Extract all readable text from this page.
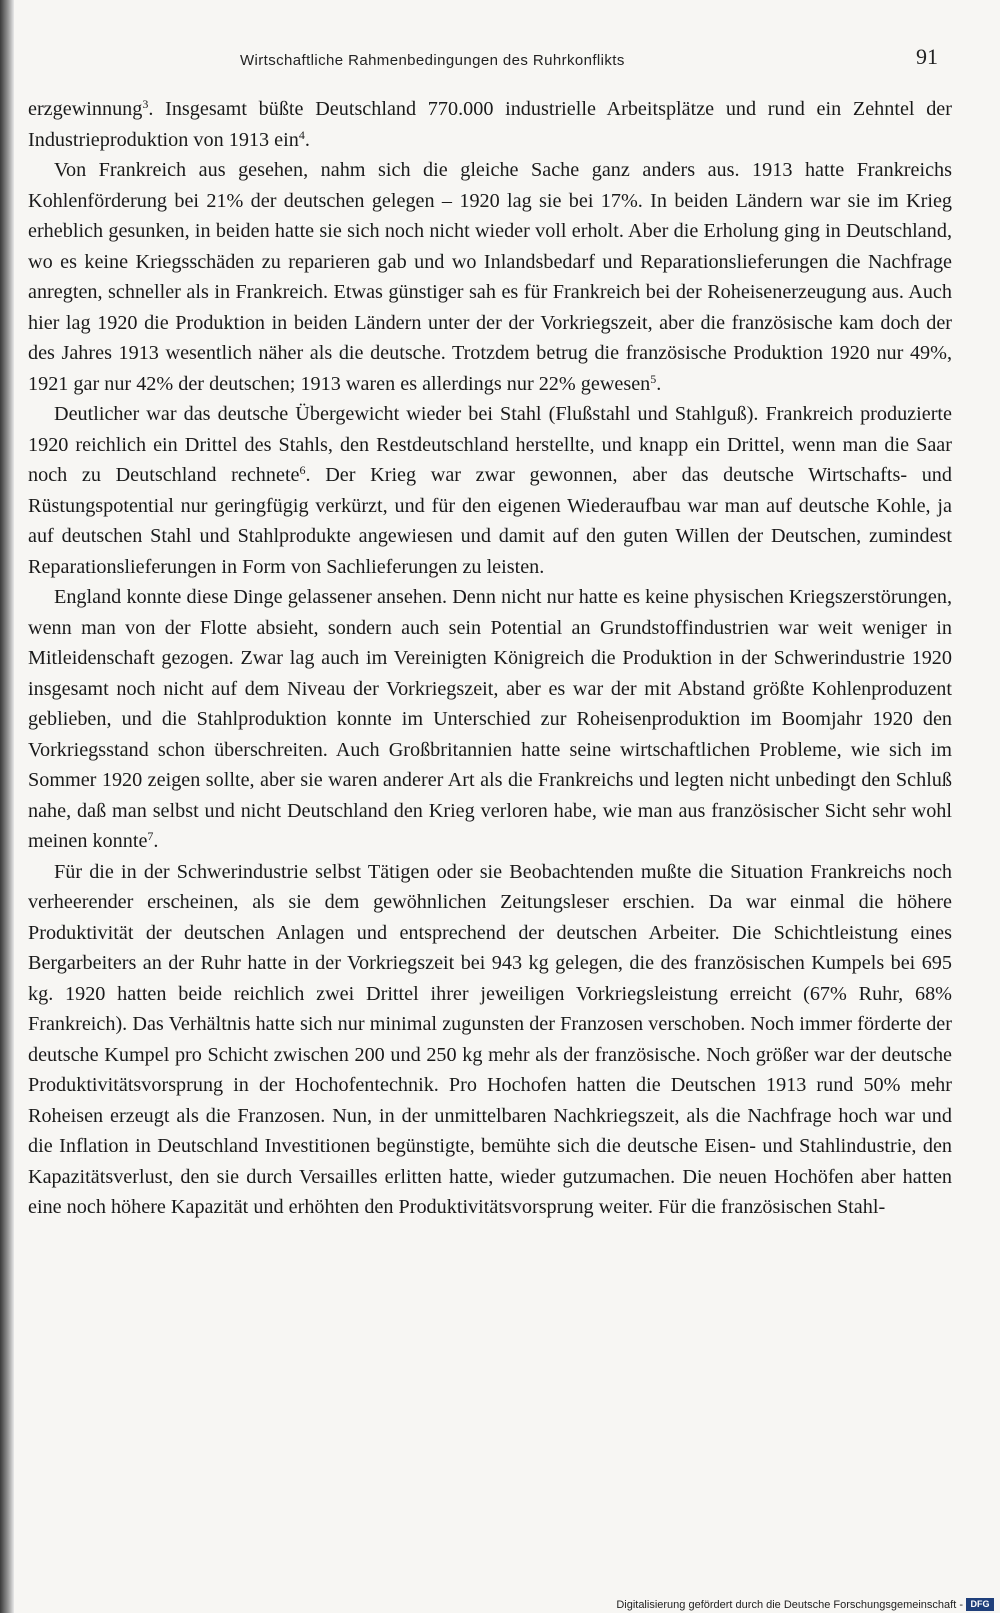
Wirtschaftliche Rahmenbedingungen des Ruhrkonflikts	91

erzgewinnung$^3$. Insgesamt büßte Deutschland 770.000 industrielle Arbeitsplätze und rund ein Zehntel der Industrieproduktion von 1913 ein$^4$.

Von Frankreich aus gesehen, nahm sich die gleiche Sache ganz anders aus. 1913 hatte Frankreichs Kohlenförderung bei 21% der deutschen gelegen – 1920 lag sie bei 17%. In beiden Ländern war sie im Krieg erheblich gesunken, in beiden hatte sie sich noch nicht wieder voll erholt. Aber die Erholung ging in Deutschland, wo es keine Kriegsschäden zu reparieren gab und wo Inlandsbedarf und Reparationslieferungen die Nachfrage anregten, schneller als in Frankreich. Etwas günstiger sah es für Frankreich bei der Roheisenerzeugung aus. Auch hier lag 1920 die Produktion in beiden Ländern unter der der Vorkriegszeit, aber die französische kam doch der des Jahres 1913 wesentlich näher als die deutsche. Trotzdem betrug die französische Produktion 1920 nur 49%, 1921 gar nur 42% der deutschen; 1913 waren es allerdings nur 22% gewesen$^5$.

Deutlicher war das deutsche Übergewicht wieder bei Stahl (Flußstahl und Stahlguß). Frankreich produzierte 1920 reichlich ein Drittel des Stahls, den Restdeutschland herstellte, und knapp ein Drittel, wenn man die Saar noch zu Deutschland rechnete$^6$. Der Krieg war zwar gewonnen, aber das deutsche Wirtschafts- und Rüstungspotential nur geringfügig verkürzt, und für den eigenen Wiederaufbau war man auf deutsche Kohle, ja auf deutschen Stahl und Stahlprodukte angewiesen und damit auf den guten Willen der Deutschen, zumindest Reparationslieferungen in Form von Sachlieferungen zu leisten.

England konnte diese Dinge gelassener ansehen. Denn nicht nur hatte es keine physischen Kriegszerstörungen, wenn man von der Flotte absieht, sondern auch sein Potential an Grundstoffindustrien war weit weniger in Mitleidenschaft gezogen. Zwar lag auch im Vereinigten Königreich die Produktion in der Schwerindustrie 1920 insgesamt noch nicht auf dem Niveau der Vorkriegszeit, aber es war der mit Abstand größte Kohlenproduzent geblieben, und die Stahlproduktion konnte im Unterschied zur Roheisenproduktion im Boomjahr 1920 den Vorkriegsstand schon überschreiten. Auch Großbritannien hatte seine wirtschaftlichen Probleme, wie sich im Sommer 1920 zeigen sollte, aber sie waren anderer Art als die Frankreichs und legten nicht unbedingt den Schluß nahe, daß man selbst und nicht Deutschland den Krieg verloren habe, wie man aus französischer Sicht sehr wohl meinen konnte$^7$.

Für die in der Schwerindustrie selbst Tätigen oder sie Beobachtenden mußte die Situation Frankreichs noch verheerender erscheinen, als sie dem gewöhnlichen Zeitungsleser erschien. Da war einmal die höhere Produktivität der deutschen Anlagen und entsprechend der deutschen Arbeiter. Die Schichtleistung eines Bergarbeiters an der Ruhr hatte in der Vorkriegszeit bei 943 kg gelegen, die des französischen Kumpels bei 695 kg. 1920 hatten beide reichlich zwei Drittel ihrer jeweiligen Vorkriegsleistung erreicht (67% Ruhr, 68% Frankreich). Das Verhältnis hatte sich nur minimal zugunsten der Franzosen verschoben. Noch immer förderte der deutsche Kumpel pro Schicht zwischen 200 und 250 kg mehr als der französische. Noch größer war der deutsche Produktivitätsvorsprung in der Hochofentechnik. Pro Hochofen hatten die Deutschen 1913 rund 50% mehr Roheisen erzeugt als die Franzosen. Nun, in der unmittelbaren Nachkriegszeit, als die Nachfrage hoch war und die Inflation in Deutschland Investitionen begünstigte, bemühte sich die deutsche Eisen- und Stahlindustrie, den Kapazitätsverlust, den sie durch Versailles erlitten hatte, wieder gutzumachen. Die neuen Hochöfen aber hatten eine noch höhere Kapazität und erhöhten den Produktivitätsvorsprung weiter. Für die französischen Stahl-

Digitalisierung gefördert durch die Deutsche Forschungsgemeinschaft - DFG
